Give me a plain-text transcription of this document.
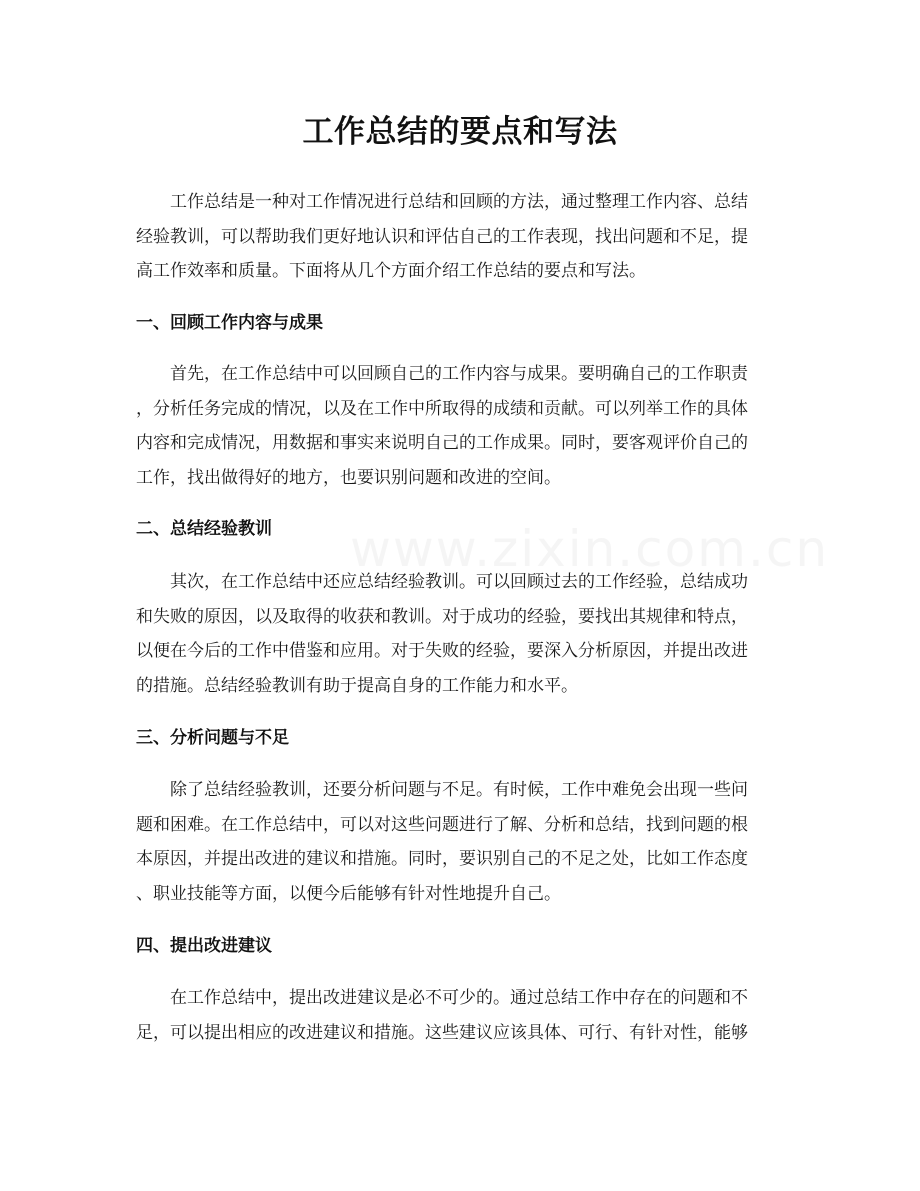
www.zixin.com.cn
工作总结的要点和写法
工作总结是一种对工作情况进行总结和回顾的方法，通过整理工作内容、总结
经验教训，可以帮助我们更好地认识和评估自己的工作表现，找出问题和不足，提
高工作效率和质量。下面将从几个方面介绍工作总结的要点和写法。
一、回顾工作内容与成果
首先，在工作总结中可以回顾自己的工作内容与成果。要明确自己的工作职责
，分析任务完成的情况，以及在工作中所取得的成绩和贡献。可以列举工作的具体
内容和完成情况，用数据和事实来说明自己的工作成果。同时，要客观评价自己的
工作，找出做得好的地方，也要识别问题和改进的空间。
二、总结经验教训
其次，在工作总结中还应总结经验教训。可以回顾过去的工作经验，总结成功
和失败的原因，以及取得的收获和教训。对于成功的经验，要找出其规律和特点，
以便在今后的工作中借鉴和应用。对于失败的经验，要深入分析原因，并提出改进
的措施。总结经验教训有助于提高自身的工作能力和水平。
三、分析问题与不足
除了总结经验教训，还要分析问题与不足。有时候，工作中难免会出现一些问
题和困难。在工作总结中，可以对这些问题进行了解、分析和总结，找到问题的根
本原因，并提出改进的建议和措施。同时，要识别自己的不足之处，比如工作态度
、职业技能等方面，以便今后能够有针对性地提升自己。
四、提出改进建议
在工作总结中，提出改进建议是必不可少的。通过总结工作中存在的问题和不
足，可以提出相应的改进建议和措施。这些建议应该具体、可行、有针对性，能够
